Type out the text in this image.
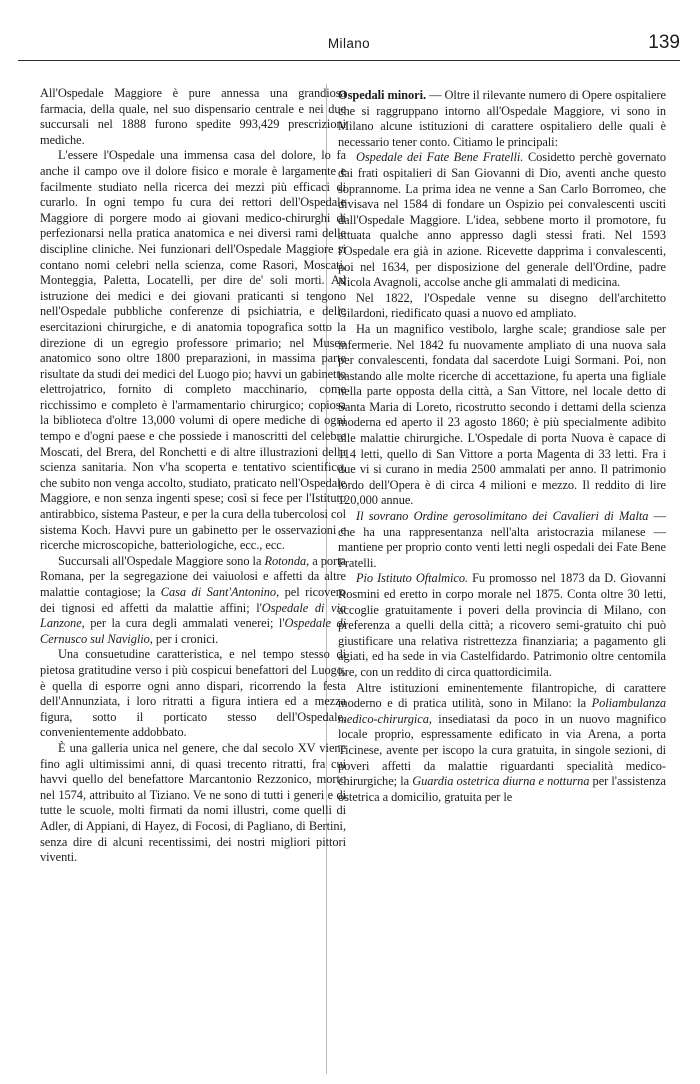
Milano	139

All'Ospedale Maggiore è pure annessa una grandiosa farmacia, della quale, nel suo dispensario centrale e nei due succursali nel 1888 furono spedite 993,429 prescrizioni mediche.

L'essere l'Ospedale una immensa casa del dolore, lo fa anche il campo ove il dolore fisico e morale è largamente e facilmente studiato nella ricerca dei mezzi più efficaci di curarlo. In ogni tempo fu cura dei rettori dell'Ospedale Maggiore di porgere modo ai giovani medico-chirurghi di perfezionarsi nella pratica anatomica e nei diversi rami delle discipline cliniche. Nei funzionari dell'Ospedale Maggiore si contano nomi celebri nella scienza, come Rasori, Moscati, Monteggia, Paletta, Locatelli, per dire de' soli morti. Ad istruzione dei medici e dei giovani praticanti si tengono nell'Ospedale pubbliche conferenze di psichiatria, e delle esercitazioni chirurgiche, e di anatomia topografica sotto la direzione di un egregio professore primario; nel Museo anatomico sono oltre 1800 preparazioni, in massima parte risultate da studi dei medici del Luogo pio; havvi un gabinetto elettrojatrico, fornito di completo macchinario, come ricchissimo e completo è l'armamentario chirurgico; copiosa la biblioteca d'oltre 13,000 volumi di opere mediche di ogni tempo e d'ogni paese e che possiede i manoscritti del celebre Moscati, del Brera, del Ronchetti e di altre illustrazioni della scienza sanitaria. Non v'ha scoperta e tentativo scientifico, che subito non venga accolto, studiato, praticato nell'Ospedale Maggiore, e non senza ingenti spese; così si fece per l'Istituto antirabbico, sistema Pasteur, e per la cura della tubercolosi col sistema Koch. Havvi pure un gabinetto per le osservazioni e ricerche microscopiche, batteriologiche, ecc., ecc.

Succursali all'Ospedale Maggiore sono la Rotonda, a porta Romana, per la segregazione dei vaiuolosi e affetti da altre malattie contagiose; la Casa di Sant'Antonino, pel ricovero dei tignosi ed affetti da malattie affini; l'Ospedale di via Lanzone, per la cura degli ammalati venerei; l'Ospedale di Cernusco sul Naviglio, per i cronici.

Una consuetudine caratteristica, e nel tempo stesso di pietosa gratitudine verso i più cospicui benefattori del Luogo, è quella di esporre ogni anno dispari, ricorrendo la festa dell'Annunziata, i loro ritratti a figura intiera ed a mezza figura, sotto il porticato stesso dell'Ospedale, convenientemente addobbato.

È una galleria unica nel genere, che dal secolo XV viene fino agli ultimissimi anni, di quasi trecento ritratti, fra cui havvi quello del benefattore Marcantonio Rezzonico, morto nel 1574, attribuito al Tiziano. Ve ne sono di tutti i generi e di tutte le scuole, molti firmati da nomi illustri, come quelli di Adler, di Appiani, di Hayez, di Focosi, di Pagliano, di Bertini, senza dire di alcuni recentissimi, dei nostri migliori pittori viventi.

Ospedali minori. — Oltre il rilevante numero di Opere ospitaliere che si raggruppano intorno all'Ospedale Maggiore, vi sono in Milano alcune istituzioni di carattere ospitaliero delle quali è necessario tener conto. Citiamo le principali:

Ospedale dei Fate Bene Fratelli. Cosidetto perchè governato dai frati ospitalieri di San Giovanni di Dio, aventi anche questo soprannome. La prima idea ne venne a San Carlo Borromeo, che divisava nel 1584 di fondare un Ospizio pei convalescenti usciti dall'Ospedale Maggiore. L'idea, sebbene morto il promotore, fu attuata qualche anno appresso dagli stessi frati. Nel 1593 l'Ospedale era già in azione. Ricevette dapprima i convalescenti, poi nel 1634, per disposizione del generale dell'Ordine, padre Nicola Avagnoli, accolse anche gli ammalati di medicina.

Nel 1822, l'Ospedale venne su disegno dell'architetto Gilardoni, riedificato quasi a nuovo ed ampliato.

Ha un magnifico vestibolo, larghe scale; grandiose sale per infermerie. Nel 1842 fu nuovamente ampliato di una nuova sala per convalescenti, fondata dal sacerdote Luigi Sormani. Poi, non bastando alle molte ricerche di accettazione, fu aperta una figliale nella parte opposta della città, a San Vittore, nel locale detto di Santa Maria di Loreto, ricostrutto secondo i dettami della scienza moderna ed aperto il 23 agosto 1860; è più specialmente adibito alle malattie chirurgiche. L'Ospedale di porta Nuova è capace di 114 letti, quello di San Vittore a porta Magenta di 33 letti. Fra i due vi si curano in media 2500 ammalati per anno. Il patrimonio lordo dell'Opera è di circa 4 milioni e mezzo. Il reddito di lire 120,000 annue.

Il sovrano Ordine gerosolimitano dei Cavalieri di Malta — che ha una rappresentanza nell'alta aristocrazia milanese — mantiene per proprio conto venti letti negli ospedali dei Fate Bene Fratelli.

Pio Istituto Oftalmico. Fu promosso nel 1873 da D. Giovanni Rosmini ed eretto in corpo morale nel 1875. Conta oltre 30 letti, accoglie gratuitamente i poveri della provincia di Milano, con preferenza a quelli della città; a ricovero semi-gratuito chi può giustificare una relativa ristrettezza finanziaria; a pagamento gli agiati, ed ha sede in via Castelfidardo. Patrimonio oltre centomila lire, con un reddito di circa quattordicimila.

Altre istituzioni eminentemente filantropiche, di carattere moderno e di pratica utilità, sono in Milano: la Poliambulanza medico-chirurgica, insediatasi da poco in un nuovo magnifico locale proprio, espressamente edificato in via Arena, a porta Ticinese, avente per iscopo la cura gratuita, in singole sezioni, di poveri affetti da malattie riguardanti specialità medico-chirurgiche; la Guardia ostetrica diurna e notturna per l'assistenza ostetrica a domicilio, gratuita per le
